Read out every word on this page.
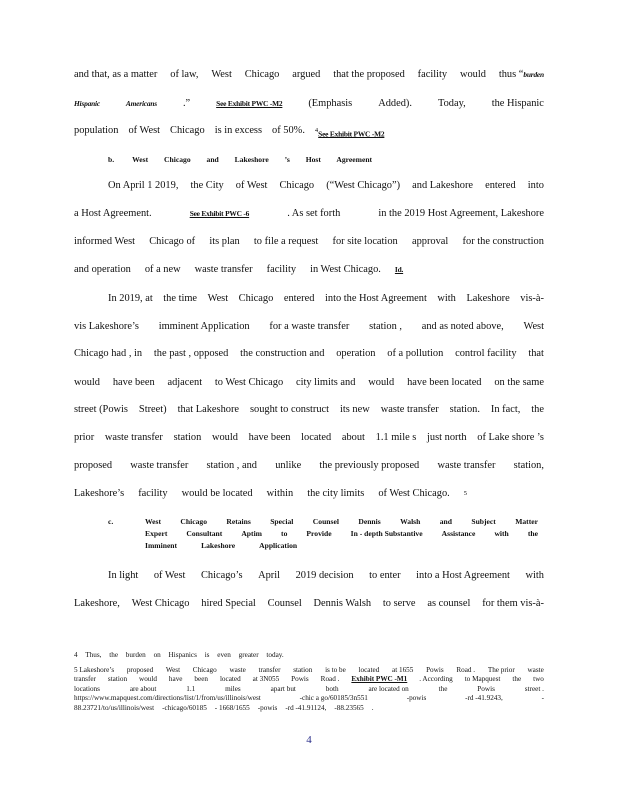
and that, as a matter of law, West Chicago argued that the proposed facility would thus “burden
Hispanic	Americans .”	See Exhibit PWC -M2 (Emphasis Added). Today, the Hispanic
population of West Chicago is in excess of 50%. $^4$See Exhibit PWC -M2
b. West Chicago and Lakeshore ’s Host Agreement
On April 1 2019, the City of West Chicago (“West Chicago”) and Lakeshore entered into
a Host Agreement.	See Exhibit PWC -6	. As set forth	in the 2019 Host Agreement, Lakeshore
informed West Chicago of its plan to file a request for site location approval for the construction
and operation of a new waste transfer facility in West Chicago. Id.
In 2019, at the time West Chicago entered into the Host Agreement with Lakeshore vis-à-
vis Lakeshore’s imminent Application for a waste transfer station , and as noted above, West
Chicago had , in the past , opposed the construction and operation of a pollution control facility that
would have been adjacent to West Chicago city limits and would have been located on the same
street (Powis Street) that Lakeshore sought to construct its new waste transfer station. In fact, the
prior waste transfer station would have been located about 1.1 mile s just north of Lake shore ’s
proposed waste transfer station , and unlike the previously proposed waste transfer station,
Lakeshore’s facility would be located within the city limits of West Chicago. 5
c.	West	Chicago	Retains	Special	Counsel	Dennis	Walsh	and	Subject	Matter
Expert	Consultant	Aptim	to	Provide	In - depth Substantive	Assistance	with	the
Imminent	Lakeshore	Application
In light of West Chicago’s April 2019 decision to enter into a Host Agreement with
Lakeshore, West Chicago hired Special Counsel Dennis Walsh to serve as counsel for them vis-à-
4 Thus, the burden on Hispanics is even greater today.
5 Lakeshore’s proposed West Chicago waste transfer station is to be located at 1655 Powis Road . The prior waste
transfer station would have been located at 3N055 Powis Road . Exhibit PWC -M1 . According to Mapquest the two
locations	are about	1.1	miles	apart but	both	are located on	the	Powis	street .
https://www.mapquest.com/directions/list/1/from/us/illinois/west	-chic a go/60185/3n551	-powis	-rd -41.9243,	-
88.23721/to/us/illinois/west -chicago/60185 - 1668/1655 -powis -rd -41.91124, -88.23565 .
4
